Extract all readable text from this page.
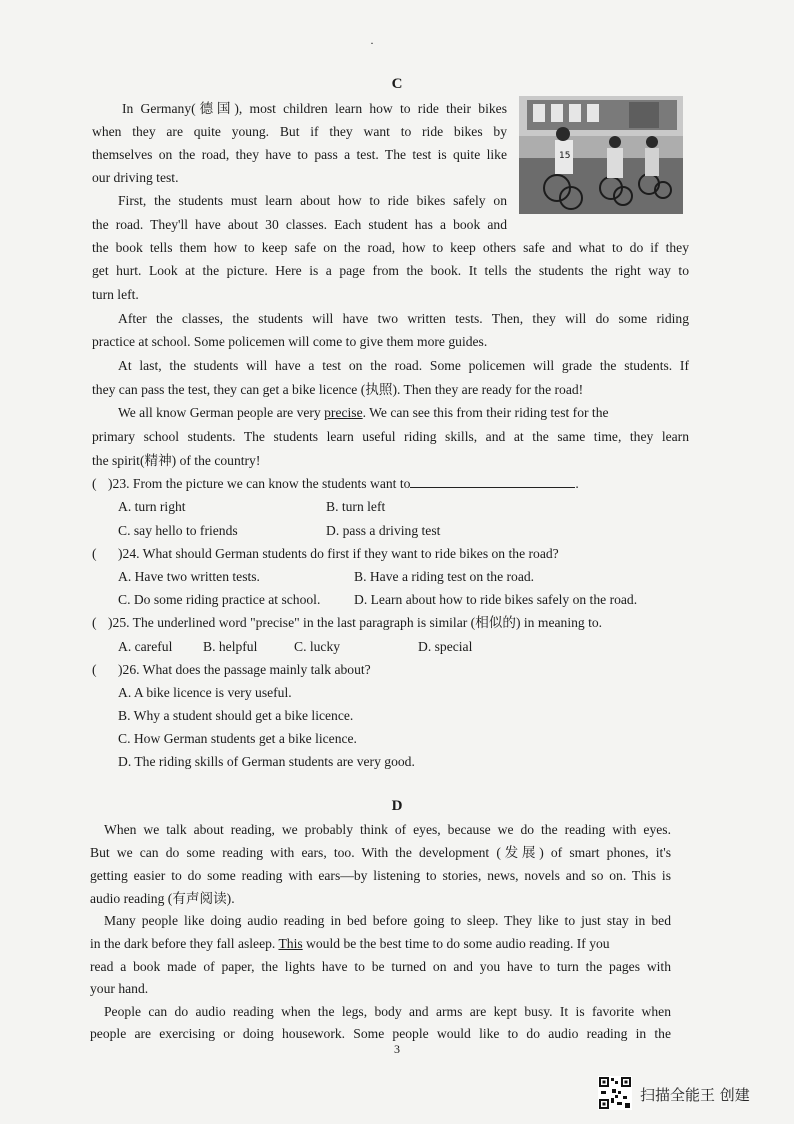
·
C
15
In Germany(德国), most children learn how to ride their bikes
when they are quite young. But if they want to ride bikes by
themselves on the road, they have to pass a test. The test is quite like
our driving test.
First, the students must learn about how to ride bikes safely on
the road. They'll have about 30 classes. Each student has a book and
the book tells them how to keep safe on the road, how to keep others safe and what to do if they
get hurt. Look at the picture. Here is a page from the book. It tells the students the right way to
turn left.
After the classes, the students will have two written tests. Then, they will do some riding
practice at school. Some policemen will come to give them more guides.
At last, the students will have a test on the road. Some policemen will grade the students. If
they can pass the test, they can get a bike licence (执照). Then they are ready for the road!
We all know German people are very precise. We can see this from their riding test for the
primary school students. The students learn useful riding skills, and at the same time, they learn
the spirit(精神) of the country!
( )23. From the picture we can know the students want to	.
A. turn right	B. turn left
C. say hello to friends	D. pass a driving test
( )24. What should German students do first if they want to ride bikes on the road?
A. Have two written tests.	B. Have a riding test on the road.
C. Do some riding practice at school. D. Learn about how to ride bikes safely on the road.
( )25. The underlined word "precise" in the last paragraph is similar (相似的) in meaning to.
A. careful B. helpful	C. lucky	D. special
( )26. What does the passage mainly talk about?
A. A bike licence is very useful.
B. Why a student should get a bike licence.
C. How German students get a bike licence.
D. The riding skills of German students are very good.
D
When we talk about reading, we probably think of eyes, because we do the reading with eyes.
But we can do some reading with ears, too. With the development (发展) of smart phones, it's
getting easier to do some reading with ears—by listening to stories, news, novels and so on. This is
audio reading (有声阅读).
Many people like doing audio reading in bed before going to sleep. They like to just stay in bed
in the dark before they fall asleep. This would be the best time to do some audio reading. If you
read a book made of paper, the lights have to be turned on and you have to turn the pages with
your hand.
People can do audio reading when the legs, body and arms are kept busy. It is favorite when
people are exercising or doing housework. Some people would like to do audio reading in the
3
扫描全能王 创建
